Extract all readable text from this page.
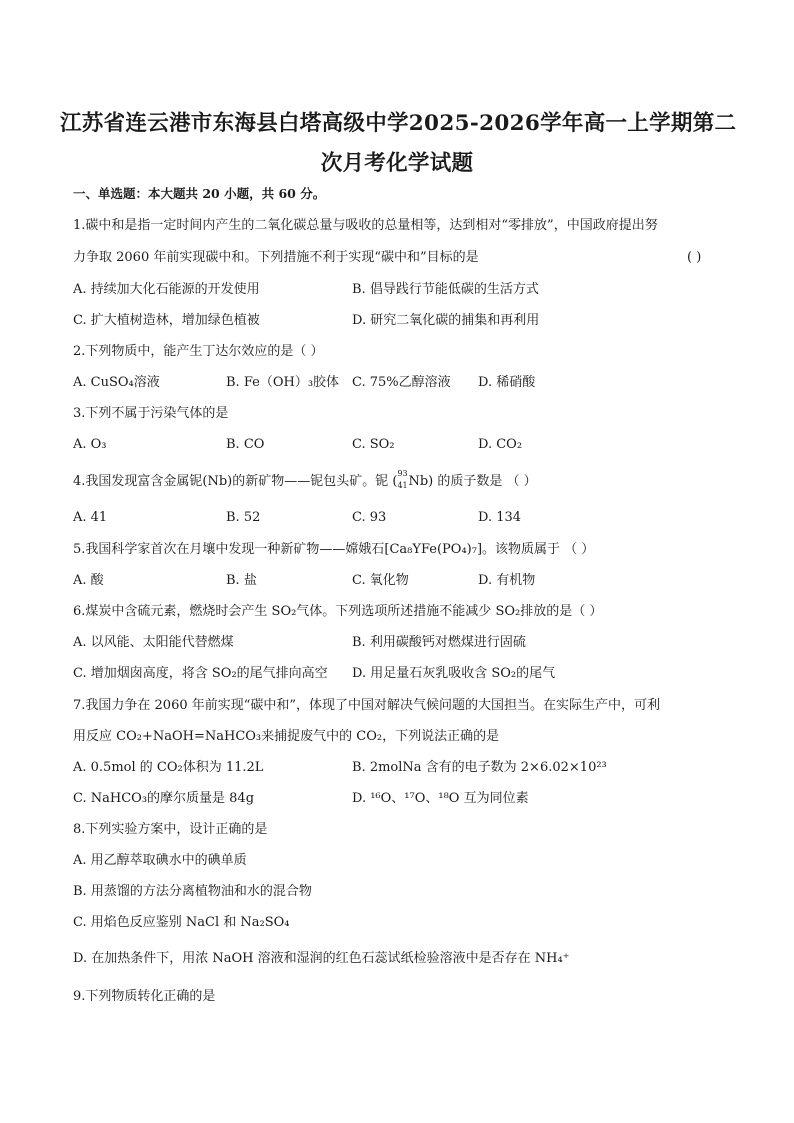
江苏省连云港市东海县白塔高级中学2025-2026学年高一上学期第二
次月考化学试题
一、单选题：本大题共 20 小题，共 60 分。
1.碳中和是指一定时间内产生的二氧化碳总量与吸收的总量相等，达到相对“零排放”，中国政府提出努
力争取 2060 年前实现碳中和。下列措施不利于实现“碳中和”目标的是	( )
A. 持续加大化石能源的开发使用	B. 倡导践行节能低碳的生活方式
C. 扩大植树造林，增加绿色植被	D. 研究二氧化碳的捕集和再利用
2.下列物质中，能产生丁达尔效应的是（ ）
A. CuSO₄溶液	B. Fe（OH）₃胶体 C. 75%乙醇溶液 D. 稀硝酸
3.下列不属于污染气体的是
A. O₃	B. CO	C. SO₂	D. CO₂
4.我国发现富含金属铌(Nb)的新矿物——铌包头矿。铌 (
93
41 Nb) 的质子数是 （ ）
A. 41	B. 52	C. 93	D. 134
5.我国科学家首次在月壤中发现一种新矿物——嫦娥石[Ca₈YFe(PO₄)₇]。该物质属于 （ ）
A. 酸	B. 盐	C. 氧化物	D. 有机物
6.煤炭中含硫元素，燃烧时会产生 SO₂气体。下列选项所述措施不能减少 SO₂排放的是（ ）
A. 以风能、太阳能代替燃煤	B. 利用碳酸钙对燃煤进行固硫
C. 增加烟囱高度，将含 SO₂的尾气排向高空 D. 用足量石灰乳吸收含 SO₂的尾气
7.我国力争在 2060 年前实现“碳中和”，体现了中国对解决气候问题的大国担当。在实际生产中，可利
用反应 CO₂+NaOH=NaHCO₃来捕捉废气中的 CO₂，下列说法正确的是
A. 0.5mol 的 CO₂体积为 11.2L	B. 2molNa 含有的电子数为 2×6.02×10²³
C. NaHCO₃的摩尔质量是 84g	D. ¹⁶O、¹⁷O、¹⁸O 互为同位素
8.下列实验方案中，设计正确的是
A. 用乙醇萃取碘水中的碘单质
B. 用蒸馏的方法分离植物油和水的混合物
C. 用焰色反应鉴别 NaCl 和 Na₂SO₄
D. 在加热条件下，用浓 NaOH 溶液和湿润的红色石蕊试纸检验溶液中是否存在 NH₄⁺
9.下列物质转化正确的是
